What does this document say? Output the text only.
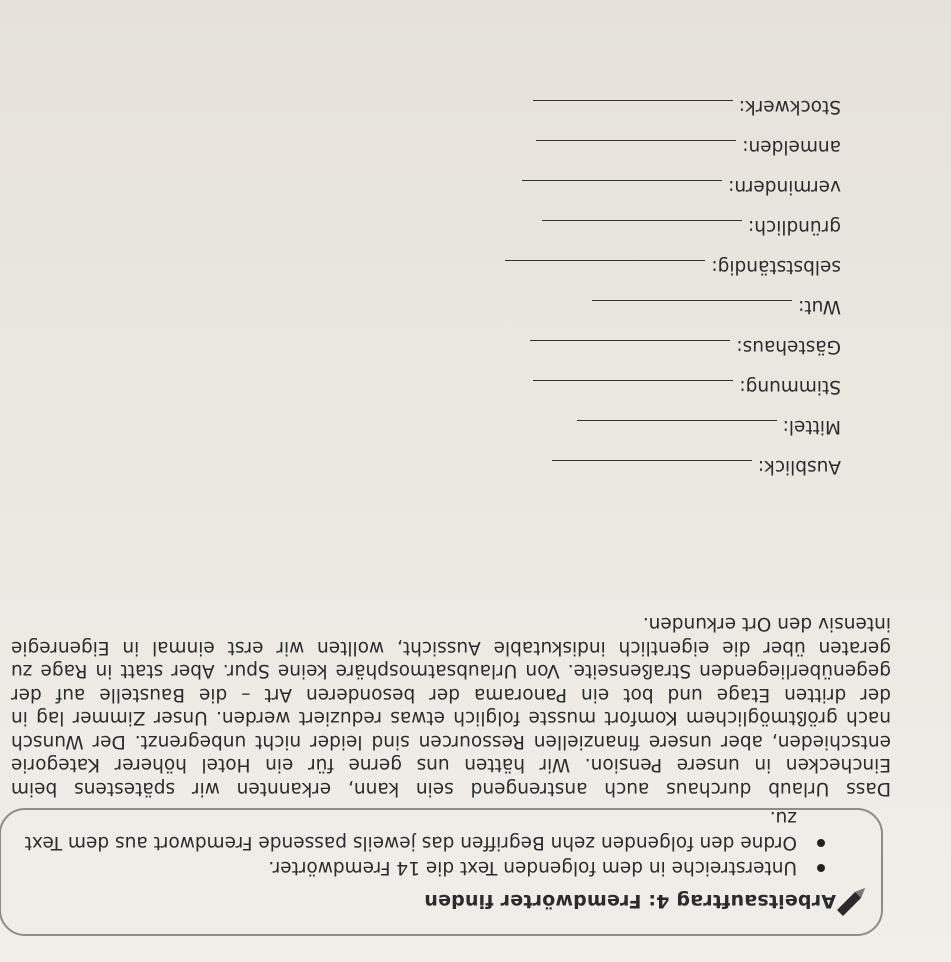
Arbeitsauftrag 4: Fremdwörter finden
Unterstreiche in dem folgenden Text die 14 Fremdwörter.
Ordne den folgenden zehn Begriffen das jeweils passende Fremdwort aus dem Text
zu.

Dass Urlaub durchaus auch anstrengend sein kann, erkannten wir spätestens beim Einchecken in unsere Pension. Wir hätten uns gerne für ein Hotel höherer Kategorie entschieden, aber unsere finanziellen Ressourcen sind leider nicht unbegrenzt. Der Wunsch nach größtmöglichem Komfort musste folglich etwas reduziert werden. Unser Zimmer lag in der dritten Etage und bot ein Panorama der besonderen Art – die Baustelle auf der gegenüberliegenden Straßenseite. Von Urlaubsatmosphäre keine Spur. Aber statt in Rage zu geraten über die eigentlich indiskutable Aussicht, wollten wir erst einmal in Eigenregie intensiv den Ort erkunden.

Ausblick:
Mittel:
Stimmung:
Gästehaus:
Wut:
selbstständig:
gründlich:
vermindern:
anmelden:
Stockwerk:
